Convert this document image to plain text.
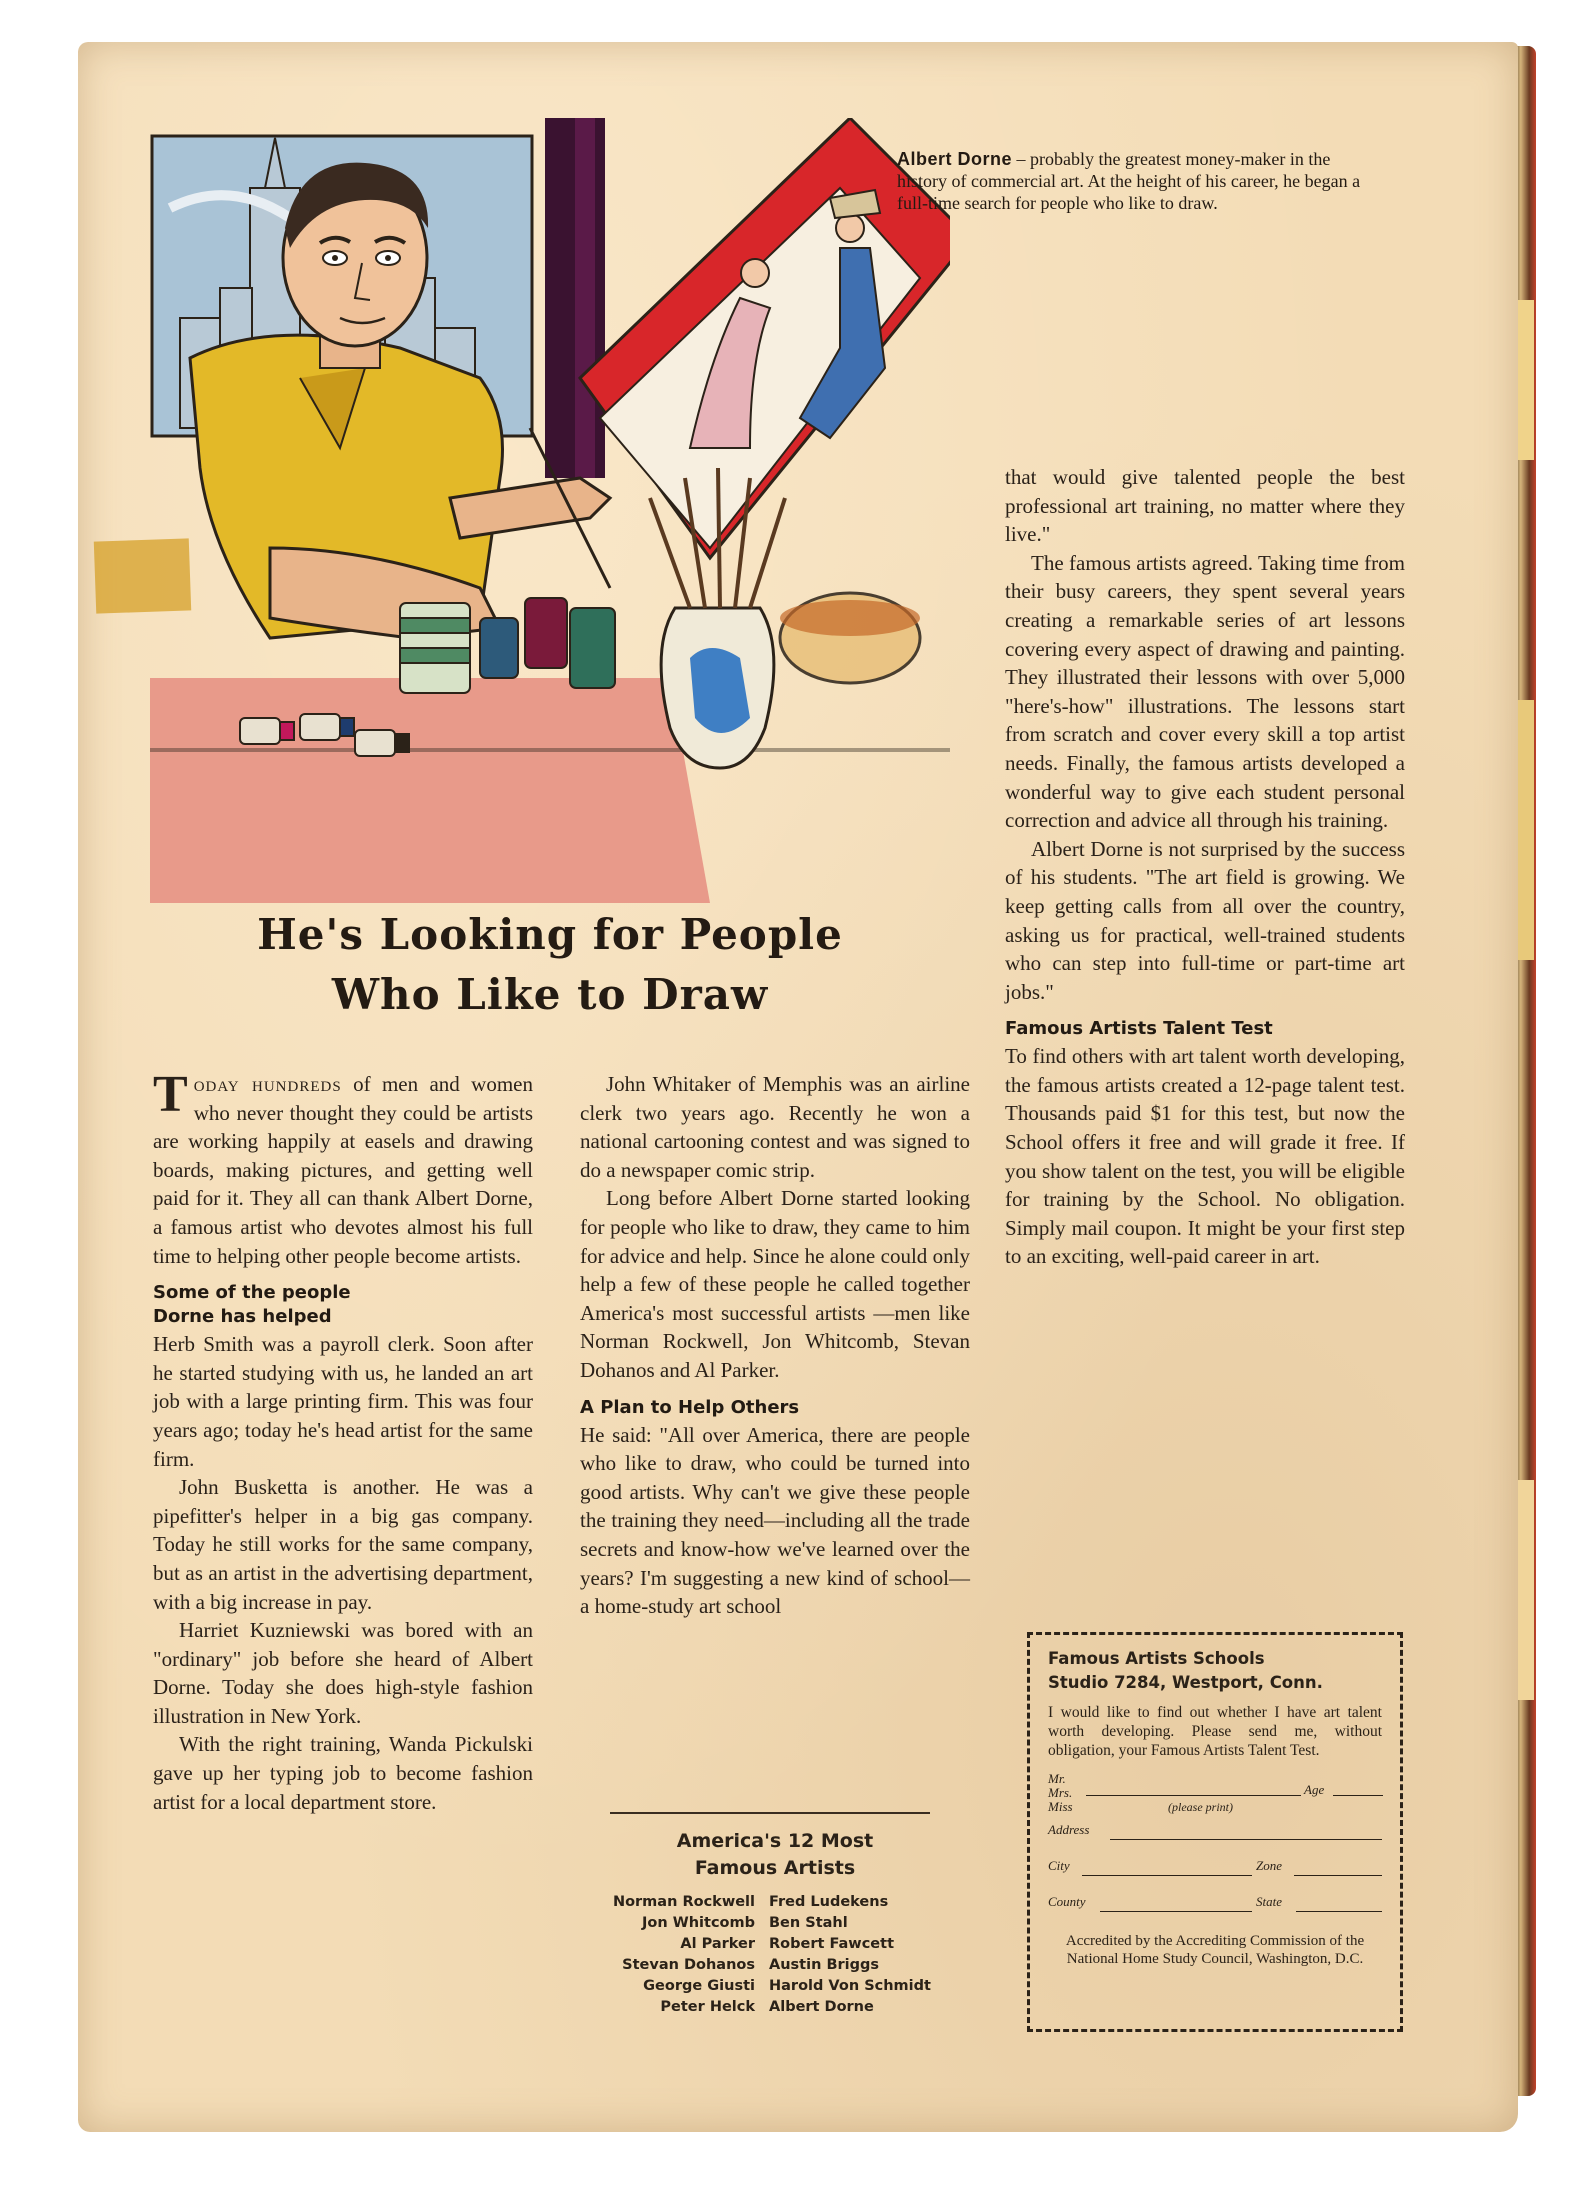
Albert Dorne – probably the greatest money-maker in the history of commercial art. At the height of his career, he began a full-time search for people who like to draw.
He's Looking for People
Who Like to Draw

Today hundreds of men and women who never thought they could be artists are working happily at easels and drawing boards, making pictures, and getting well paid for it. They all can thank Albert Dorne, a famous artist who devotes almost his full time to helping other people become artists.

Some of the people
Dorne has helped

Herb Smith was a payroll clerk. Soon after he started studying with us, he landed an art job with a large printing firm. This was four years ago; today he's head artist for the same firm.

John Busketta is another. He was a pipefitter's helper in a big gas company. Today he still works for the same company, but as an artist in the advertising department, with a big increase in pay.

Harriet Kuzniewski was bored with an "ordinary" job before she heard of Albert Dorne. Today she does high-style fashion illustration in New York.

With the right training, Wanda Pickulski gave up her typing job to become fashion artist for a local department store.

John Whitaker of Memphis was an airline clerk two years ago. Recently he won a national cartooning contest and was signed to do a newspaper comic strip.

Long before Albert Dorne started looking for people who like to draw, they came to him for advice and help. Since he alone could only help a few of these people he called together America's most successful artists —men like Norman Rockwell, Jon Whitcomb, Stevan Dohanos and Al Parker.

A Plan to Help Others

He said: "All over America, there are people who like to draw, who could be turned into good artists. Why can't we give these people the training they need—including all the trade secrets and know-how we've learned over the years? I'm suggesting a new kind of school—a home-study art school

that would give talented people the best professional art training, no matter where they live."

The famous artists agreed. Taking time from their busy careers, they spent several years creating a remarkable series of art lessons covering every aspect of drawing and painting. They illustrated their lessons with over 5,000 "here's-how" illustrations. The lessons start from scratch and cover every skill a top artist needs. Finally, the famous artists developed a wonderful way to give each student personal correction and advice all through his training.

Albert Dorne is not surprised by the success of his students. "The art field is growing. We keep getting calls from all over the country, asking us for practical, well-trained students who can step into full-time or part-time art jobs."

Famous Artists Talent Test

To find others with art talent worth developing, the famous artists created a 12-page talent test. Thousands paid $1 for this test, but now the School offers it free and will grade it free. If you show talent on the test, you will be eligible for training by the School. No obligation. Simply mail coupon. It might be your first step to an exciting, well-paid career in art.

America's 12 Most
Famous Artists
Norman Rockwell Fred Ludekens
Jon Whitcomb Ben Stahl
Al Parker Robert Fawcett
Stevan Dohanos Austin Briggs
George Giusti Harold Von Schmidt
Peter Helck Albert Dorne
Famous Artists Schools
Studio 7284, Westport, Conn.
I would like to find out whether I have art talent worth developing. Please send me, without obligation, your Famous Artists Talent Test.
Mr.
Mrs.
Miss
Age
(please print)
Address
City	Zone
County	State
Accredited by the Accrediting Commission of the National Home Study Council, Washington, D.C.
